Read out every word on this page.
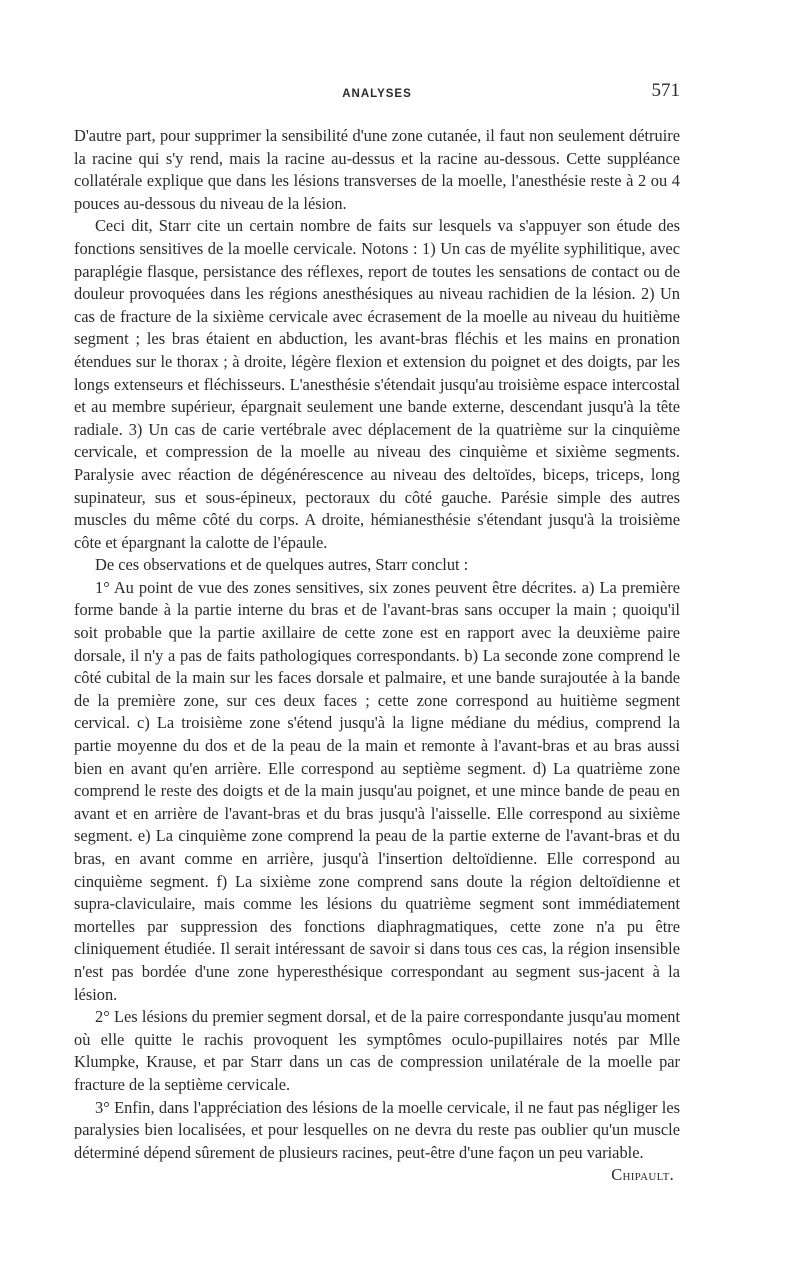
ANALYSES	571

D'autre part, pour supprimer la sensibilité d'une zone cutanée, il faut non seulement détruire la racine qui s'y rend, mais la racine au-dessus et la racine au-dessous. Cette suppléance collatérale explique que dans les lésions transverses de la moelle, l'anesthésie reste à 2 ou 4 pouces au-dessous du niveau de la lésion.

Ceci dit, Starr cite un certain nombre de faits sur lesquels va s'appuyer son étude des fonctions sensitives de la moelle cervicale. Notons : 1) Un cas de myélite syphilitique, avec paraplégie flasque, persistance des réflexes, report de toutes les sensations de contact ou de douleur provoquées dans les régions anesthésiques au niveau rachidien de la lésion. 2) Un cas de fracture de la sixième cervicale avec écrasement de la moelle au niveau du huitième segment ; les bras étaient en abduction, les avant-bras fléchis et les mains en pronation étendues sur le thorax ; à droite, légère flexion et extension du poignet et des doigts, par les longs extenseurs et fléchisseurs. L'anesthésie s'étendait jusqu'au troisième espace intercostal et au membre supérieur, épargnait seulement une bande externe, descendant jusqu'à la tête radiale. 3) Un cas de carie vertébrale avec déplacement de la quatrième sur la cinquième cervicale, et compression de la moelle au niveau des cinquième et sixième segments. Paralysie avec réaction de dégénérescence au niveau des deltoïdes, biceps, triceps, long supinateur, sus et sous-épineux, pectoraux du côté gauche. Parésie simple des autres muscles du même côté du corps. A droite, hémianesthésie s'étendant jusqu'à la troisième côte et épargnant la calotte de l'épaule.

De ces observations et de quelques autres, Starr conclut :

1° Au point de vue des zones sensitives, six zones peuvent être décrites. a) La première forme bande à la partie interne du bras et de l'avant-bras sans occuper la main ; quoiqu'il soit probable que la partie axillaire de cette zone est en rapport avec la deuxième paire dorsale, il n'y a pas de faits pathologiques correspondants. b) La seconde zone comprend le côté cubital de la main sur les faces dorsale et palmaire, et une bande surajoutée à la bande de la première zone, sur ces deux faces ; cette zone correspond au huitième segment cervical. c) La troisième zone s'étend jusqu'à la ligne médiane du médius, comprend la partie moyenne du dos et de la peau de la main et remonte à l'avant-bras et au bras aussi bien en avant qu'en arrière. Elle correspond au septième segment. d) La quatrième zone comprend le reste des doigts et de la main jusqu'au poignet, et une mince bande de peau en avant et en arrière de l'avant-bras et du bras jusqu'à l'aisselle. Elle correspond au sixième segment. e) La cinquième zone comprend la peau de la partie externe de l'avant-bras et du bras, en avant comme en arrière, jusqu'à l'insertion deltoïdienne. Elle correspond au cinquième segment. f) La sixième zone comprend sans doute la région deltoïdienne et supra-claviculaire, mais comme les lésions du quatrième segment sont immédiatement mortelles par suppression des fonctions diaphragmatiques, cette zone n'a pu être cliniquement étudiée. Il serait intéressant de savoir si dans tous ces cas, la région insensible n'est pas bordée d'une zone hyperesthésique correspondant au segment sus-jacent à la lésion.

2° Les lésions du premier segment dorsal, et de la paire correspondante jusqu'au moment où elle quitte le rachis provoquent les symptômes oculo-pupillaires notés par Mlle Klumpke, Krause, et par Starr dans un cas de compression unilatérale de la moelle par fracture de la septième cervicale.

3° Enfin, dans l'appréciation des lésions de la moelle cervicale, il ne faut pas négliger les paralysies bien localisées, et pour lesquelles on ne devra du reste pas oublier qu'un muscle déterminé dépend sûrement de plusieurs racines, peut-être d'une façon un peu variable.
Chipault.
